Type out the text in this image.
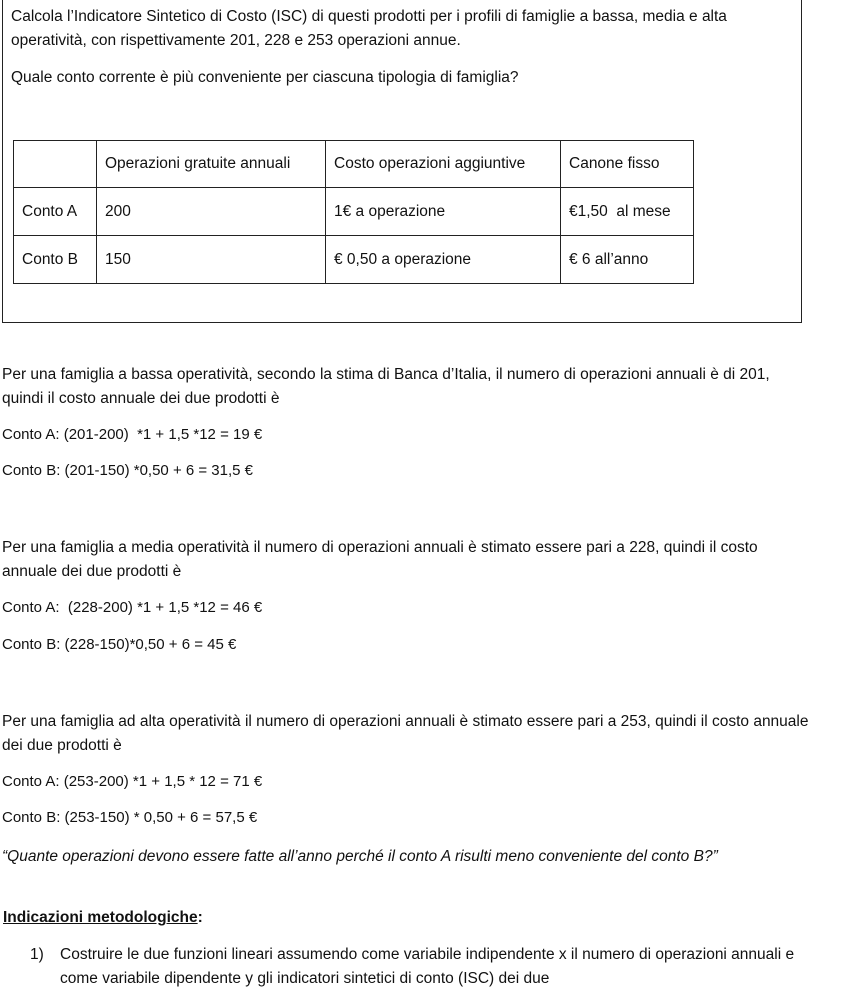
Calcola l’Indicatore Sintetico di Costo (ISC) di questi prodotti per i profili di famiglie a bassa, media e alta operatività, con rispettivamente 201, 228 e 253 operazioni annue.

Quale conto corrente è più conveniente per ciascuna tipologia di famiglia?

	Operazioni gratuite annuali	Costo operazioni aggiuntive	Canone fisso
Conto A	200	1€ a operazione	€1,50  al mese
Conto B	150	€ 0,50 a operazione	€ 6 all’anno

Per una famiglia a bassa operatività, secondo la stima di Banca d’Italia, il numero di operazioni annuali è di 201, quindi il costo annuale dei due prodotti è

Conto A: (201-200)  *1 + 1,5 *12 = 19 €

Conto B: (201-150) *0,50 + 6 = 31,5 €

Per una famiglia a media operatività il numero di operazioni annuali è stimato essere pari a 228, quindi il costo annuale dei due prodotti è

Conto A:  (228-200) *1 + 1,5 *12 = 46 €

Conto B: (228-150)*0,50 + 6 = 45 €

Per una famiglia ad alta operatività il numero di operazioni annuali è stimato essere pari a 253, quindi il costo annuale dei due prodotti è

Conto A: (253-200) *1 + 1,5 * 12 = 71 €

Conto B: (253-150) * 0,50 + 6 = 57,5 €

“Quante operazioni devono essere fatte all’anno perché il conto A risulti meno conveniente del conto B?”

Indicazioni metodologiche:

1) Costruire le due funzioni lineari assumendo come variabile indipendente x il numero di operazioni annuali e come variabile dipendente y gli indicatori sintetici di conto (ISC) dei due
